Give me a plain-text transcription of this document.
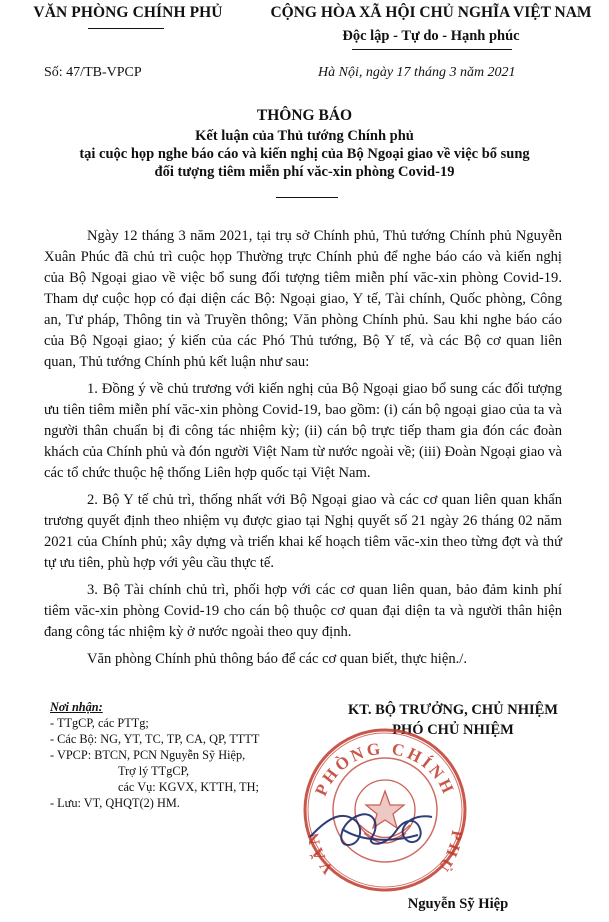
VĂN PHÒNG CHÍNH PHỦ	CỘNG HÒA XÃ HỘI CHỦ NGHĨA VIỆT NAM
Độc lập - Tự do - Hạnh phúc
Số: 47/TB-VPCP	Hà Nội, ngày 17 tháng 3 năm 2021
THÔNG BÁO
Kết luận của Thủ tướng Chính phủ
tại cuộc họp nghe báo cáo và kiến nghị của Bộ Ngoại giao về việc bổ sung
đối tượng tiêm miễn phí văc-xin phòng Covid-19

Ngày 12 tháng 3 năm 2021, tại trụ sở Chính phủ, Thủ tướng Chính phủ Nguyễn Xuân Phúc đã chủ trì cuộc họp Thường trực Chính phủ để nghe báo cáo và kiến nghị của Bộ Ngoại giao về việc bổ sung đối tượng tiêm miễn phí văc-xin phòng Covid-19. Tham dự cuộc họp có đại diện các Bộ: Ngoại giao, Y tế, Tài chính, Quốc phòng, Công an, Tư pháp, Thông tin và Truyền thông; Văn phòng Chính phủ. Sau khi nghe báo cáo của Bộ Ngoại giao; ý kiến của các Phó Thủ tướng, Bộ Y tế, và các Bộ cơ quan liên quan, Thủ tướng Chính phủ kết luận như sau:

1. Đồng ý về chủ trương với kiến nghị của Bộ Ngoại giao bổ sung các đối tượng ưu tiên tiêm miễn phí văc-xin phòng Covid-19, bao gồm: (i) cán bộ ngoại giao của ta và người thân chuẩn bị đi công tác nhiệm kỳ; (ii) cán bộ trực tiếp tham gia đón các đoàn khách của Chính phủ và đón người Việt Nam từ nước ngoài về; (iii) Đoàn Ngoại giao và các tổ chức thuộc hệ thống Liên hợp quốc tại Việt Nam.

2. Bộ Y tế chủ trì, thống nhất với Bộ Ngoại giao và các cơ quan liên quan khẩn trương quyết định theo nhiệm vụ được giao tại Nghị quyết số 21 ngày 26 tháng 02 năm 2021 của Chính phủ; xây dựng và triển khai kế hoạch tiêm văc-xin theo từng đợt và thứ tự ưu tiên, phù hợp với yêu cầu thực tế.

3. Bộ Tài chính chủ trì, phối hợp với các cơ quan liên quan, bảo đảm kinh phí tiêm văc-xin phòng Covid-19 cho cán bộ thuộc cơ quan đại diện ta và người thân hiện đang công tác nhiệm kỳ ở nước ngoài theo quy định.

Văn phòng Chính phủ thông báo để các cơ quan biết, thực hiện./.

Nơi nhận:
- TTgCP, các PTTg;
- Các Bộ: NG, YT, TC, TP, CA, QP, TTTT
- VPCP: BTCN, PCN Nguyễn Sỹ Hiệp,
Trợ lý TTgCP,
các Vụ: KGVX, KTTH, TH;
- Lưu: VT, QHQT(2) HM.
KT. BỘ TRƯỞNG, CHỦ NHIỆM
PHÓ CHỦ NHIỆM
PHÒNG CHÍNH
VĂN	PHỦ
Nguyễn Sỹ Hiệp
